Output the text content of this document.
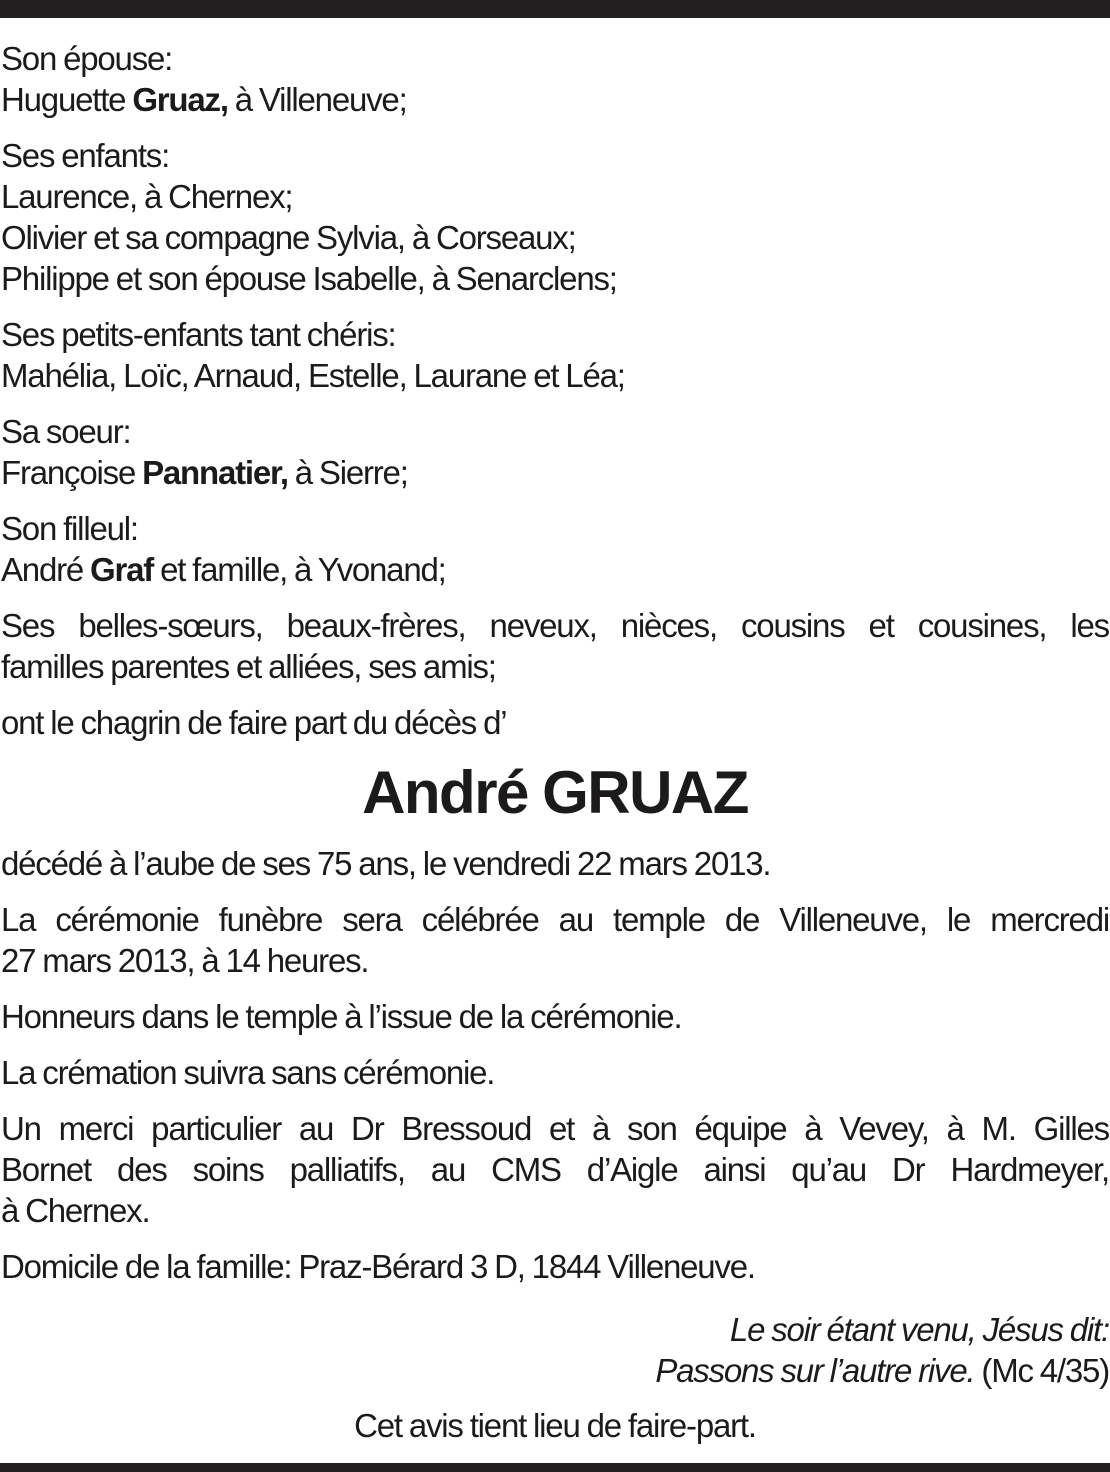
Son épouse:
Huguette Gruaz, à Villeneuve;
Ses enfants:
Laurence, à Chernex;
Olivier et sa compagne Sylvia, à Corseaux;
Philippe et son épouse Isabelle, à Senarclens;
Ses petits-enfants tant chéris:
Mahélia, Loïc, Arnaud, Estelle, Laurane et Léa;
Sa soeur:
Françoise Pannatier, à Sierre;
Son filleul:
André Graf et famille, à Yvonand;
Ses belles-sœurs, beaux-frères, neveux, nièces, cousins et cousines, les
familles parentes et alliées, ses amis;
ont le chagrin de faire part du décès d’
André GRUAZ
décédé à l’aube de ses 75 ans, le vendredi 22 mars 2013.
La cérémonie funèbre sera célébrée au temple de Villeneuve, le mercredi
27 mars 2013, à 14 heures.
Honneurs dans le temple à l’issue de la cérémonie.
La crémation suivra sans cérémonie.
Un merci particulier au Dr Bressoud et à son équipe à Vevey, à M. Gilles
Bornet des soins palliatifs, au CMS d’Aigle ainsi qu’au Dr Hardmeyer,
à Chernex.
Domicile de la famille: Praz-Bérard 3 D, 1844 Villeneuve.
Le soir étant venu, Jésus dit:
Passons sur l’autre rive. (Mc 4/35)
Cet avis tient lieu de faire-part.
